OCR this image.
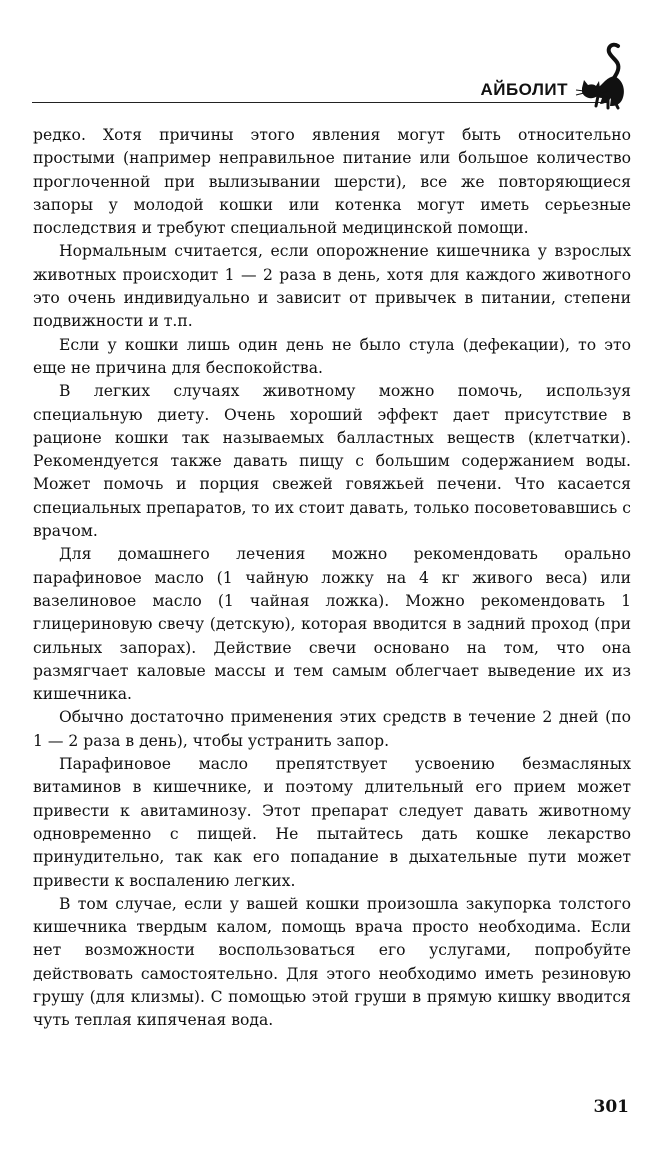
АЙБОЛИТ

редко. Хотя причины этого явления могут быть относительно простыми (например неправильное питание или большое количество проглоченной при вылизывании шерсти), все же повторяющиеся запоры у молодой кошки или котенка могут иметь серьезные последствия и требуют специальной медицинской помощи.

Нормальным считается, если опорожнение кишечника у взрослых животных происходит 1 — 2 раза в день, хотя для каждого животного это очень индивидуально и зависит от привычек в питании, степени подвижности и т.п.

Если у кошки лишь один день не было стула (дефекации), то это еще не причина для беспокойства.

В легких случаях животному можно помочь, используя специальную диету. Очень хороший эффект дает присутствие в рационе кошки так называемых балластных веществ (клетчатки). Рекомендуется также давать пищу с большим содержанием воды. Может помочь и порция свежей говяжьей печени. Что касается специальных препаратов, то их стоит давать, только посоветовавшись с врачом.

Для домашнего лечения можно рекомендовать орально парафиновое масло (1 чайную ложку на 4 кг живого веса) или вазелиновое масло (1 чайная ложка). Можно рекомендовать 1 глицериновую свечу (детскую), которая вводится в задний проход (при сильных запорах). Действие свечи основано на том, что она размягчает каловые массы и тем самым облегчает выведение их из кишечника.

Обычно достаточно применения этих средств в течение 2 дней (по 1 — 2 раза в день), чтобы устранить запор.

Парафиновое масло препятствует усвоению безмасляных витаминов в кишечнике, и поэтому длительный его прием может привести к авитаминозу. Этот препарат следует давать животному одновременно с пищей. Не пытайтесь дать кошке лекарство принудительно, так как его попадание в дыхательные пути может привести к воспалению легких.

В том случае, если у вашей кошки произошла закупорка толстого кишечника твердым калом, помощь врача просто необходима. Если нет возможности воспользоваться его услугами, попробуйте действовать самостоятельно. Для этого необходимо иметь резиновую грушу (для клизмы). С помощью этой груши в прямую кишку вводится чуть теплая кипяченая вода.

301
